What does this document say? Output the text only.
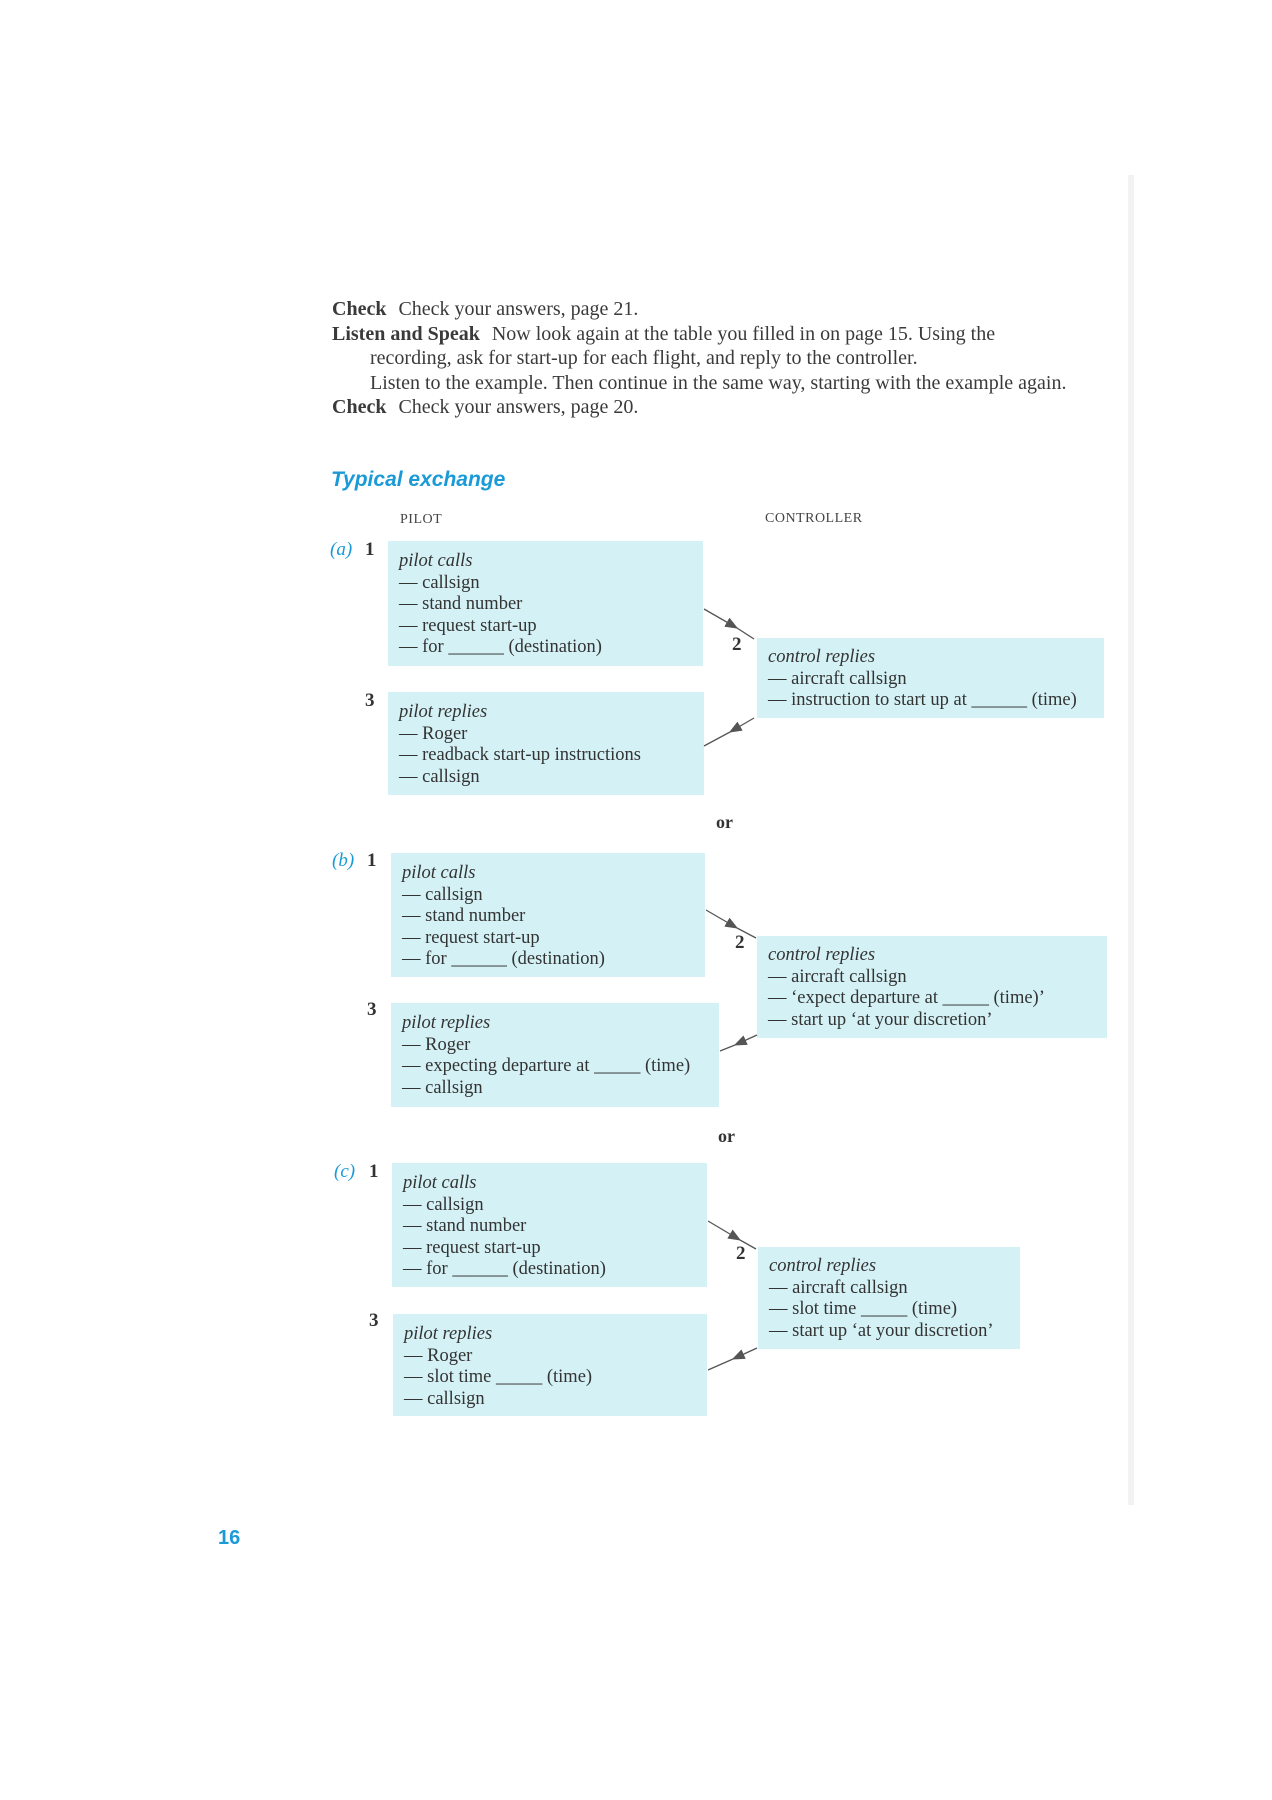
Check Check your answers, page 21.

Listen and Speak Now look again at the table you filled in on page 15. Using the

recording, ask for start-up for each flight, and reply to the controller.

Listen to the example. Then continue in the same way, starting with the example again.

Check Check your answers, page 20.

Typical exchange
PILOT	CONTROLLER
(a) 1
pilot calls
— callsign
— stand number
— request start-up
— for ______ (destination)	2
control replies
— aircraft callsign
— instruction to start up at ______ (time)
3
pilot replies
— Roger
— readback start-up instructions
— callsign
or
(b) 1
pilot calls
— callsign
— stand number
— request start-up
— for ______ (destination)
2
control replies
— aircraft callsign
— ‘expect departure at _____ (time)’
— start up ‘at your discretion’
3
pilot replies
— Roger
— expecting departure at _____ (time)
— callsign
or
(c) 1
pilot calls
— callsign
— stand number
— request start-up
— for ______ (destination)
2
control replies
— aircraft callsign
— slot time _____ (time)
— start up ‘at your discretion’
3
pilot replies
— Roger
— slot time _____ (time)
— callsign
16
